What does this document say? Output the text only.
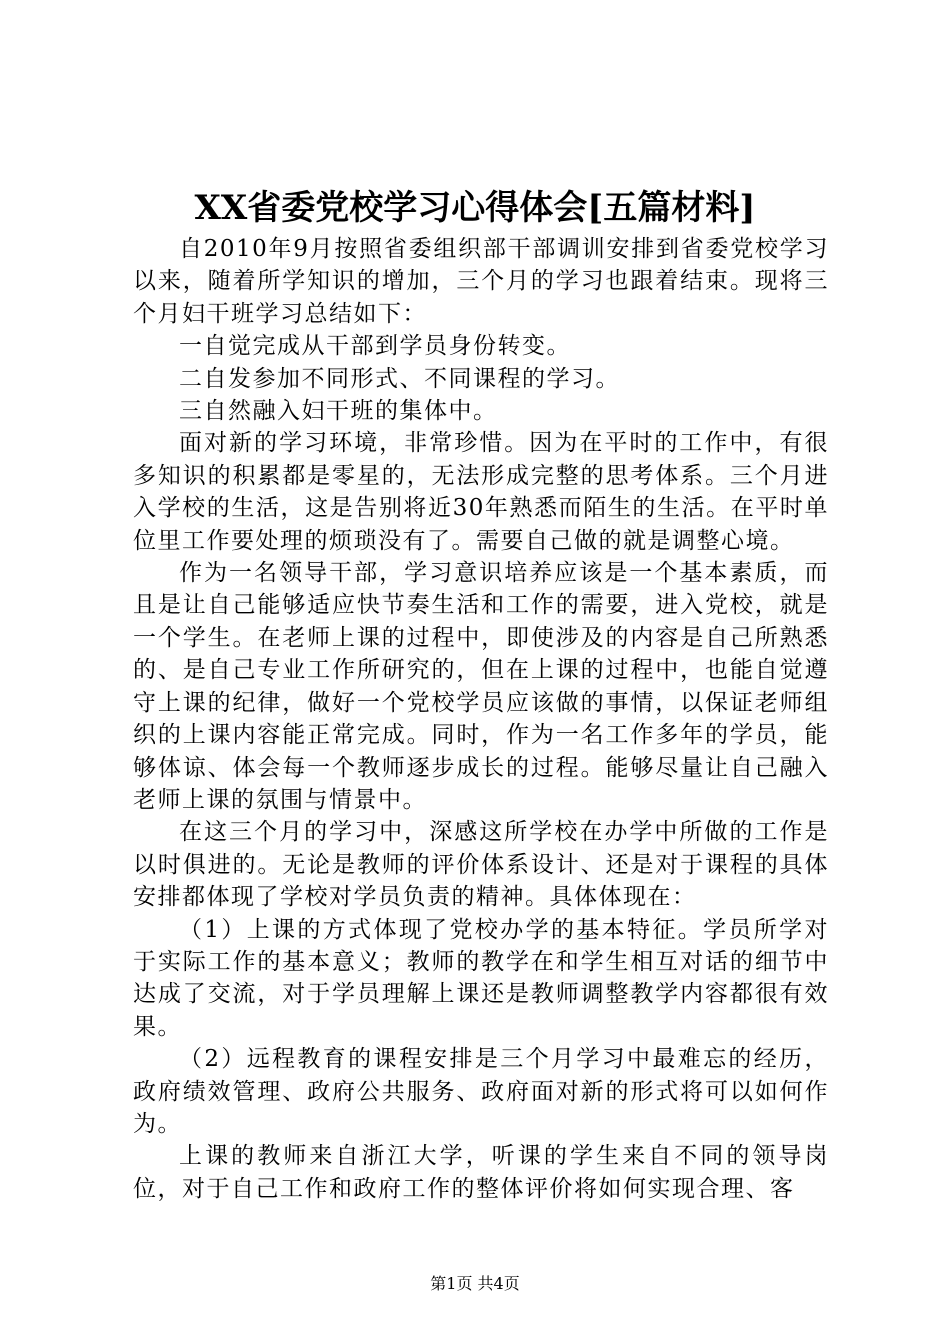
XX省委党校学习心得体会[五篇材料]

自2010年9月按照省委组织部干部调训安排到省委党校学习以来，随着所学知识的增加，三个月的学习也跟着结束。现将三个月妇干班学习总结如下：

一自觉完成从干部到学员身份转变。

二自发参加不同形式、不同课程的学习。

三自然融入妇干班的集体中。

面对新的学习环境，非常珍惜。因为在平时的工作中，有很多知识的积累都是零星的，无法形成完整的思考体系。三个月进入学校的生活，这是告别将近30年熟悉而陌生的生活。在平时单位里工作要处理的烦琐没有了。需要自己做的就是调整心境。

作为一名领导干部，学习意识培养应该是一个基本素质，而且是让自己能够适应快节奏生活和工作的需要，进入党校，就是一个学生。在老师上课的过程中，即使涉及的内容是自己所熟悉的、是自己专业工作所研究的，但在上课的过程中，也能自觉遵守上课的纪律，做好一个党校学员应该做的事情，以保证老师组织的上课内容能正常完成。同时，作为一名工作多年的学员，能够体谅、体会每一个教师逐步成长的过程。能够尽量让自己融入老师上课的氛围与情景中。

在这三个月的学习中，深感这所学校在办学中所做的工作是以时俱进的。无论是教师的评价体系设计、还是对于课程的具体安排都体现了学校对学员负责的精神。具体体现在：

（1）上课的方式体现了党校办学的基本特征。学员所学对于实际工作的基本意义；教师的教学在和学生相互对话的细节中达成了交流，对于学员理解上课还是教师调整教学内容都很有效果。

（2）远程教育的课程安排是三个月学习中最难忘的经历，政府绩效管理、政府公共服务、政府面对新的形式将可以如何作为。

上课的教师来自浙江大学，听课的学生来自不同的领导岗位，对于自己工作和政府工作的整体评价将如何实现合理、客

第1页 共4页
